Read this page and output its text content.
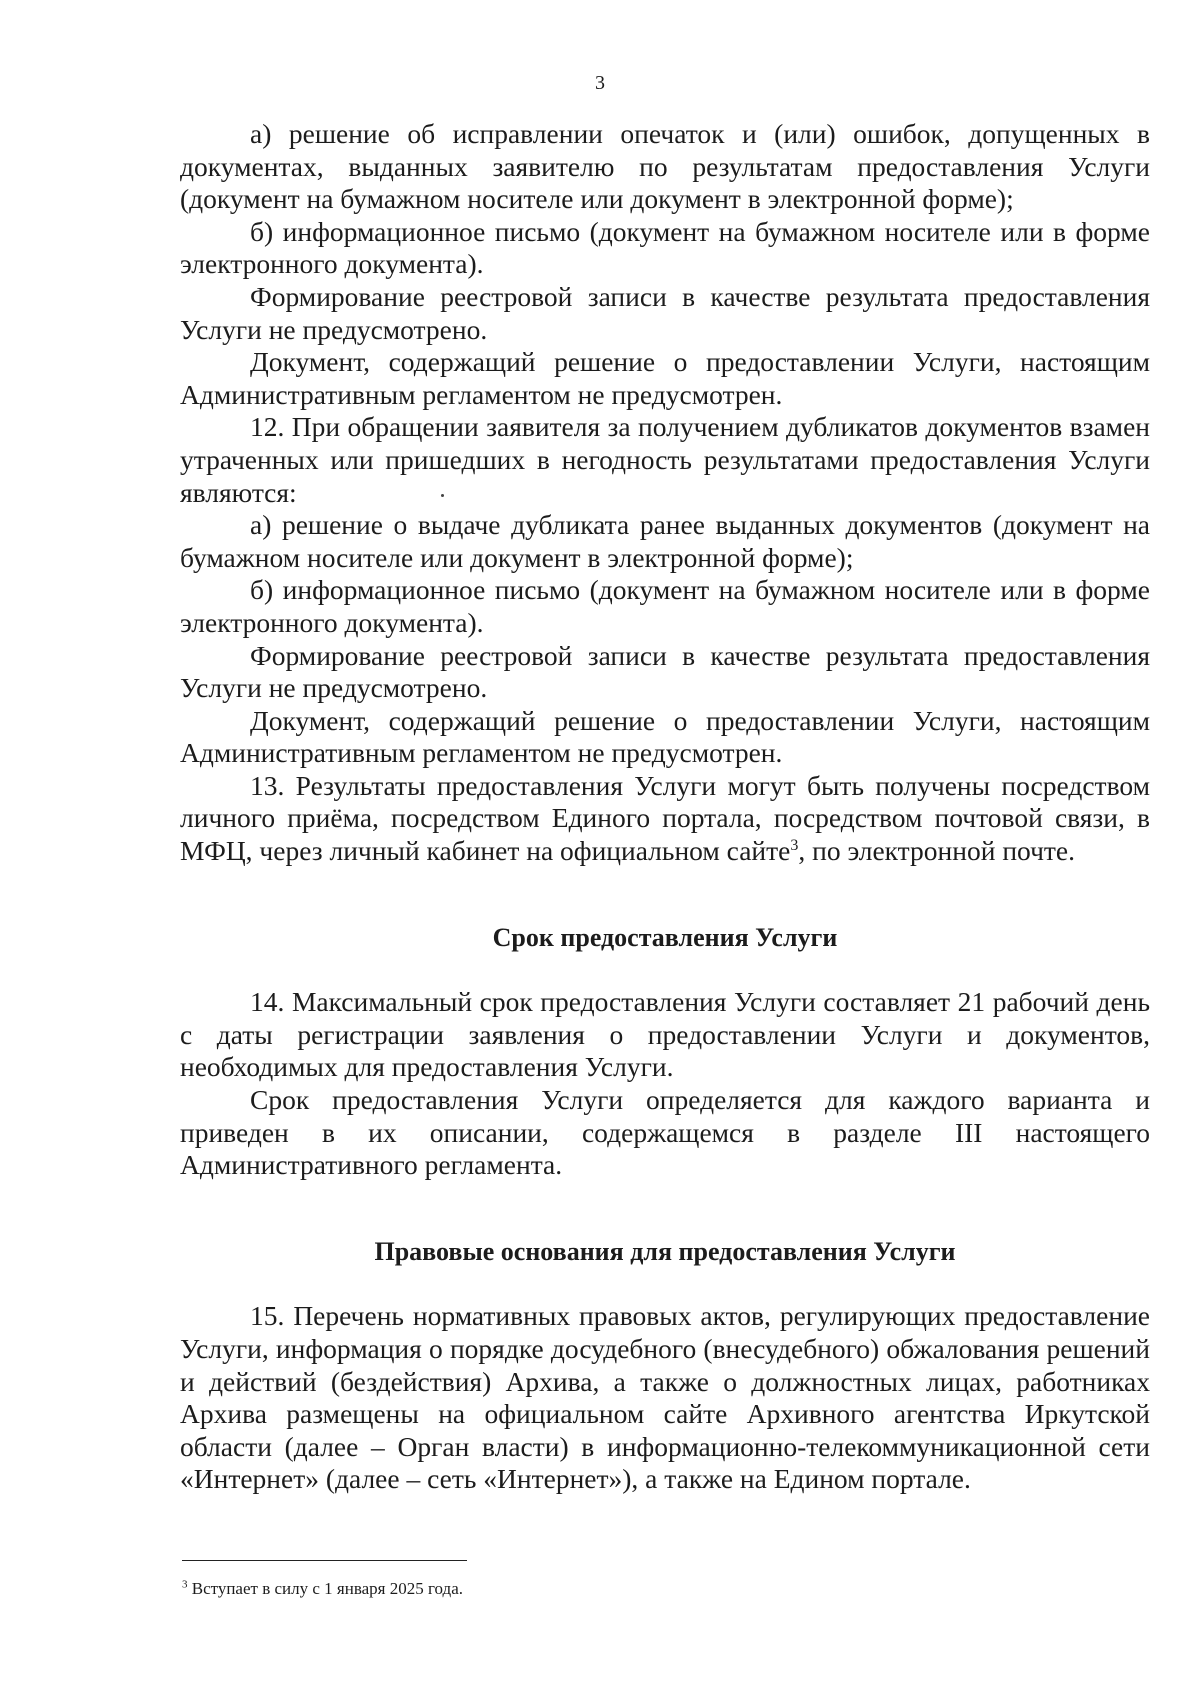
3

а) решение об исправлении опечаток и (или) ошибок, допущенных в документах, выданных заявителю по результатам предоставления Услуги (документ на бумажном носителе или документ в электронной форме);

б) информационное письмо (документ на бумажном носителе или в форме электронного документа).

Формирование реестровой записи в качестве результата предоставления Услуги не предусмотрено.

Документ, содержащий решение о предоставлении Услуги, настоящим Административным регламентом не предусмотрен.

12. При обращении заявителя за получением дубликатов документов взамен утраченных или пришедших в негодность результатами предоставления Услуги являются:

а) решение о выдаче дубликата ранее выданных документов (документ на бумажном носителе или документ в электронной форме);

б) информационное письмо (документ на бумажном носителе или в форме электронного документа).

Формирование реестровой записи в качестве результата предоставления Услуги не предусмотрено.

Документ, содержащий решение о предоставлении Услуги, настоящим Административным регламентом не предусмотрен.

13. Результаты предоставления Услуги могут быть получены посредством личного приёма, посредством Единого портала, посредством почтовой связи, в МФЦ, через личный кабинет на официальном сайте$^3$, по электронной почте.

Срок предоставления Услуги

14. Максимальный срок предоставления Услуги составляет 21 рабочий день с даты регистрации заявления о предоставлении Услуги и документов, необходимых для предоставления Услуги.

Срок предоставления Услуги определяется для каждого варианта и приведен в их описании, содержащемся в разделе III настоящего Административного регламента.

Правовые основания для предоставления Услуги

15. Перечень нормативных правовых актов, регулирующих предоставление Услуги, информация о порядке досудебного (внесудебного) обжалования решений и действий (бездействия) Архива, а также о должностных лицах, работниках Архива размещены на официальном сайте Архивного агентства Иркутской области (далее – Орган власти) в информационно-телекоммуникационной сети «Интернет» (далее – сеть «Интернет»), а также на Едином портале.

$^3$ Вступает в силу с 1 января 2025 года.
